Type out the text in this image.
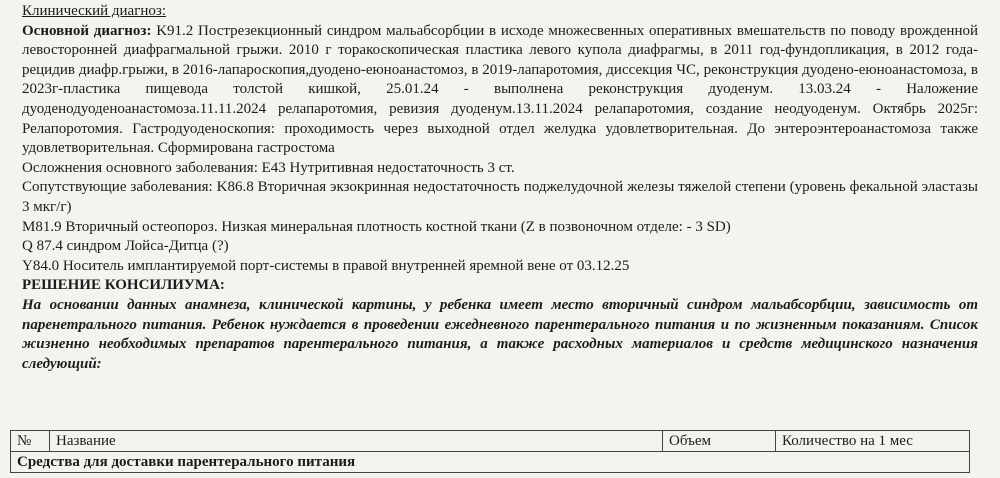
Клинический диагноз:

Основной диагноз: K91.2 Пострезекционный синдром мальабсорбции в исходе множесвенных оперативных вмешательств по поводу врожденной левосторонней диафрагмальной грыжи. 2010 г торакоскопическая пластика левого купола диафрагмы, в 2011 год-фундопликация, в 2012 года-рецидив диафр.грыжи, в 2016-лапароскопия,дуодено-еюноанастомоз, в 2019-лапаротомия, диссекция ЧС, реконструкция дуодено-еюноанастомоза, в 2023г-пластика пищевода толстой кишкой, 25.01.24 - выполнена реконструкция дуоденум. 13.03.24 - Наложение дуоденодуоденоанастомоза.11.11.2024 релапаротомия, ревизия дуоденум.13.11.2024 релапаротомия, создание неодуоденум. Октябрь 2025г: Релапоротомия. Гастродуоденоскопия: проходимость через выходной отдел желудка удовлетворительная. До энтероэнтероанастомоза также удовлетворительная. Сформирована гастростома

Осложнения основного заболевания: E43 Нутритивная недостаточность 3 ст.

Сопутствующие заболевания: K86.8 Вторичная экзокринная недостаточность поджелудочной железы тяжелой степени (уровень фекальной эластазы 3 мкг/г)

M81.9 Вторичный остеопороз. Низкая минеральная плотность костной ткани (Z в позвоночном отделе: - 3 SD)

Q 87.4 синдром Лойса-Дитца (?)

Y84.0 Носитель имплантируемой порт-системы в правой внутренней яремной вене от 03.12.25

РЕШЕНИЕ КОНСИЛИУМА:

На основании данных анамнеза, клинической картины, у ребенка имеет место вторичный синдром мальабсорбции, зависимость от паренетрального питания. Ребенок нуждается в проведении ежедневного парентерального питания и по жизненным показаниям. Список жизненно необходимых препаратов парентерального питания, а также расходных материалов и средств медицинского назначения следующий:

№	Название	Объем	Количество на 1 мес
Средства для доставки парентерального питания
